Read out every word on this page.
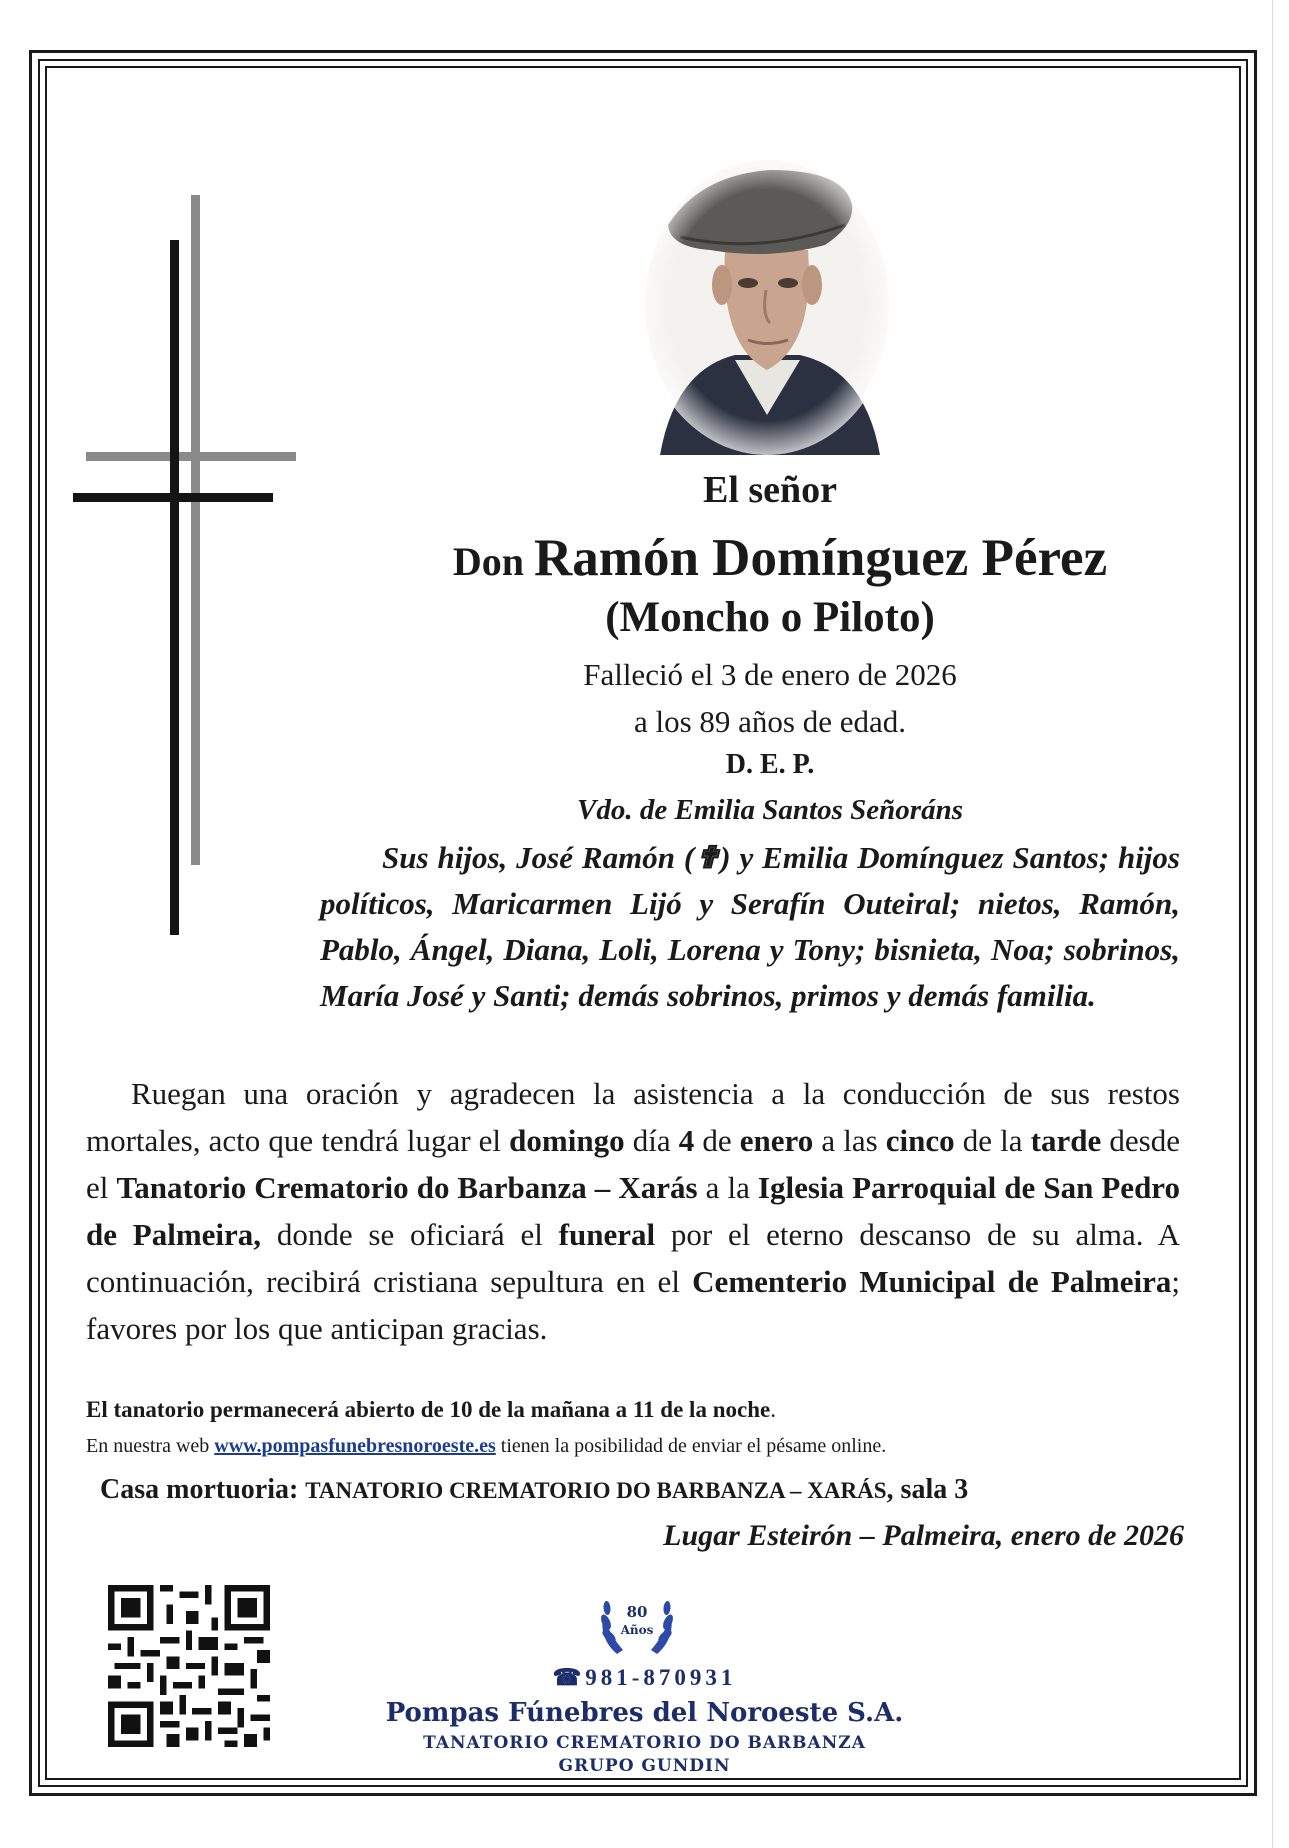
El señor
Don Ramón Domínguez Pérez
(Moncho o Piloto)
Falleció el 3 de enero de 2026
a los 89 años de edad.
D. E. P.
Vdo. de Emilia Santos Señoráns

Sus hijos, José Ramón (✟) y Emilia Domínguez Santos; hijos políticos, Maricarmen Lijó y Serafín Outeiral; nietos, Ramón, Pablo, Ángel, Diana, Loli, Lorena y Tony; bisnieta, Noa; sobrinos, María José y Santi; demás sobrinos, primos y demás familia.

Ruegan una oración y agradecen la asistencia a la conducción de sus restos mortales, acto que tendrá lugar el domingo día 4 de enero a las cinco de la tarde desde el Tanatorio Crematorio do Barbanza – Xarás a la Iglesia Parroquial de San Pedro de Palmeira, donde se oficiará el funeral por el eterno descanso de su alma. A continuación, recibirá cristiana sepultura en el Cementerio Municipal de Palmeira; favores por los que anticipan gracias.

El tanatorio permanecerá abierto de 10 de la mañana a 11 de la noche.
En nuestra web www.pompasfunebresnoroeste.es tienen la posibilidad de enviar el pésame online.
Casa mortuoria: TANATORIO CREMATORIO DO BARBANZA – XARÁS, sala 3
Lugar Esteirón – Palmeira, enero de 2026
80
Años
☎981-870931
Pompas Fúnebres del Noroeste S.A.
TANATORIO CREMATORIO DO BARBANZA
GRUPO GUNDIN
